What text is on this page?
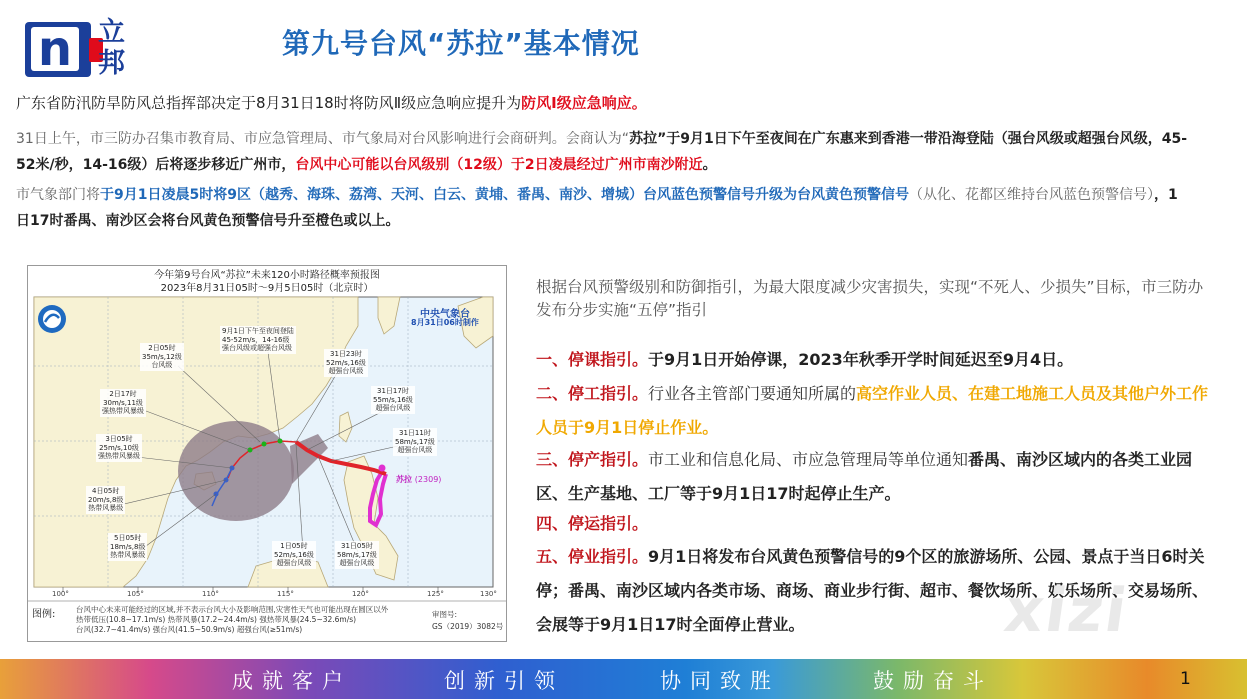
n 立邦
第九号台风“苏拉”基本情况
广东省防汛防旱防风总指挥部决定于8月31日18时将防风Ⅱ级应急响应提升为防风Ⅰ级应急响应。
31日上午，市三防办召集市教育局、市应急管理局、市气象局对台风影响进行会商研判。会商认为“苏拉”于9月1日下午至夜间在广东惠来到香港一带沿海登陆（强台风级或超强台风级，45-52米/秒，14-16级）后将逐步移近广州市，台风中心可能以台风级别（12级）于2日凌晨经过广州市南沙附近。
市气象部门将于9月1日凌晨5时将9区（越秀、海珠、荔湾、天河、白云、黄埔、番禺、南沙、增城）台风蓝色预警信号升级为台风黄色预警信号（从化、花都区维持台风蓝色预警信号），1日17时番禺、南沙区会将台风黄色预警信号升至橙色或以上。
今年第9号台风“苏拉”未来120小时路径概率预报图
2023年8月31日05时～9月5日05时（北京时）
中央气象台
8月31日06时制作
苏拉 (2309)
9月1日下午至夜间登陆
45-52m/s，14-16级
强台风级或超强台风级
2日05时
35m/s,12级
台风级
2日17时
30m/s,11级
强热带风暴级
3日05时
25m/s,10级
强热带风暴级
4日05时
20m/s,8级
热带风暴级
5日05时
18m/s,8级
热带风暴级
31日23时
52m/s,16级
超强台风级
31日17时
55m/s,16级
超强台风级
31日11时
58m/s,17级
超强台风级
1日05时
52m/s,16级
超强台风级
31日05时
58m/s,17级
超强台风级
100°	105°	110°	115°	120°	125°	130°
图例:	台风中心未来可能经过的区域,并不表示台风大小及影响范围,灾害性天气也可能出现在圆区以外
热带低压(10.8~17.1m/s) 热带风暴(17.2~24.4m/s) 强热带风暴(24.5~32.6m/s)
台风(32.7~41.4m/s) 强台风(41.5~50.9m/s) 超强台风(≥51m/s)
审图号:
GS（2019）3082号
根据台风预警级别和防御指引，为最大限度减少灾害损失，实现“不死人、少损失”目标，市三防办发布分步实施“五停”指引
一、停课指引。于9月1日开始停课，2023年秋季开学时间延迟至9月4日。
二、停工指引。行业各主管部门要通知所属的高空作业人员、在建工地施工人员及其他户外工作人员于9月1日停止作业。
三、停产指引。市工业和信息化局、市应急管理局等单位通知番禺、南沙区域内的各类工业园区、生产基地、工厂等于9月1日17时起停止生产。
四、停运指引。
五、停业指引。9月1日将发布台风黄色预警信号的9个区的旅游场所、公园、景点于当日6时关停；番禺、南沙区域内各类市场、商场、商业步行街、超市、餐饮场所、娱乐场所、交易场所、会展等于9月1日17时全面停止营业。	xizi
成就客户	创新引领	协同致胜	鼓励奋斗	1
